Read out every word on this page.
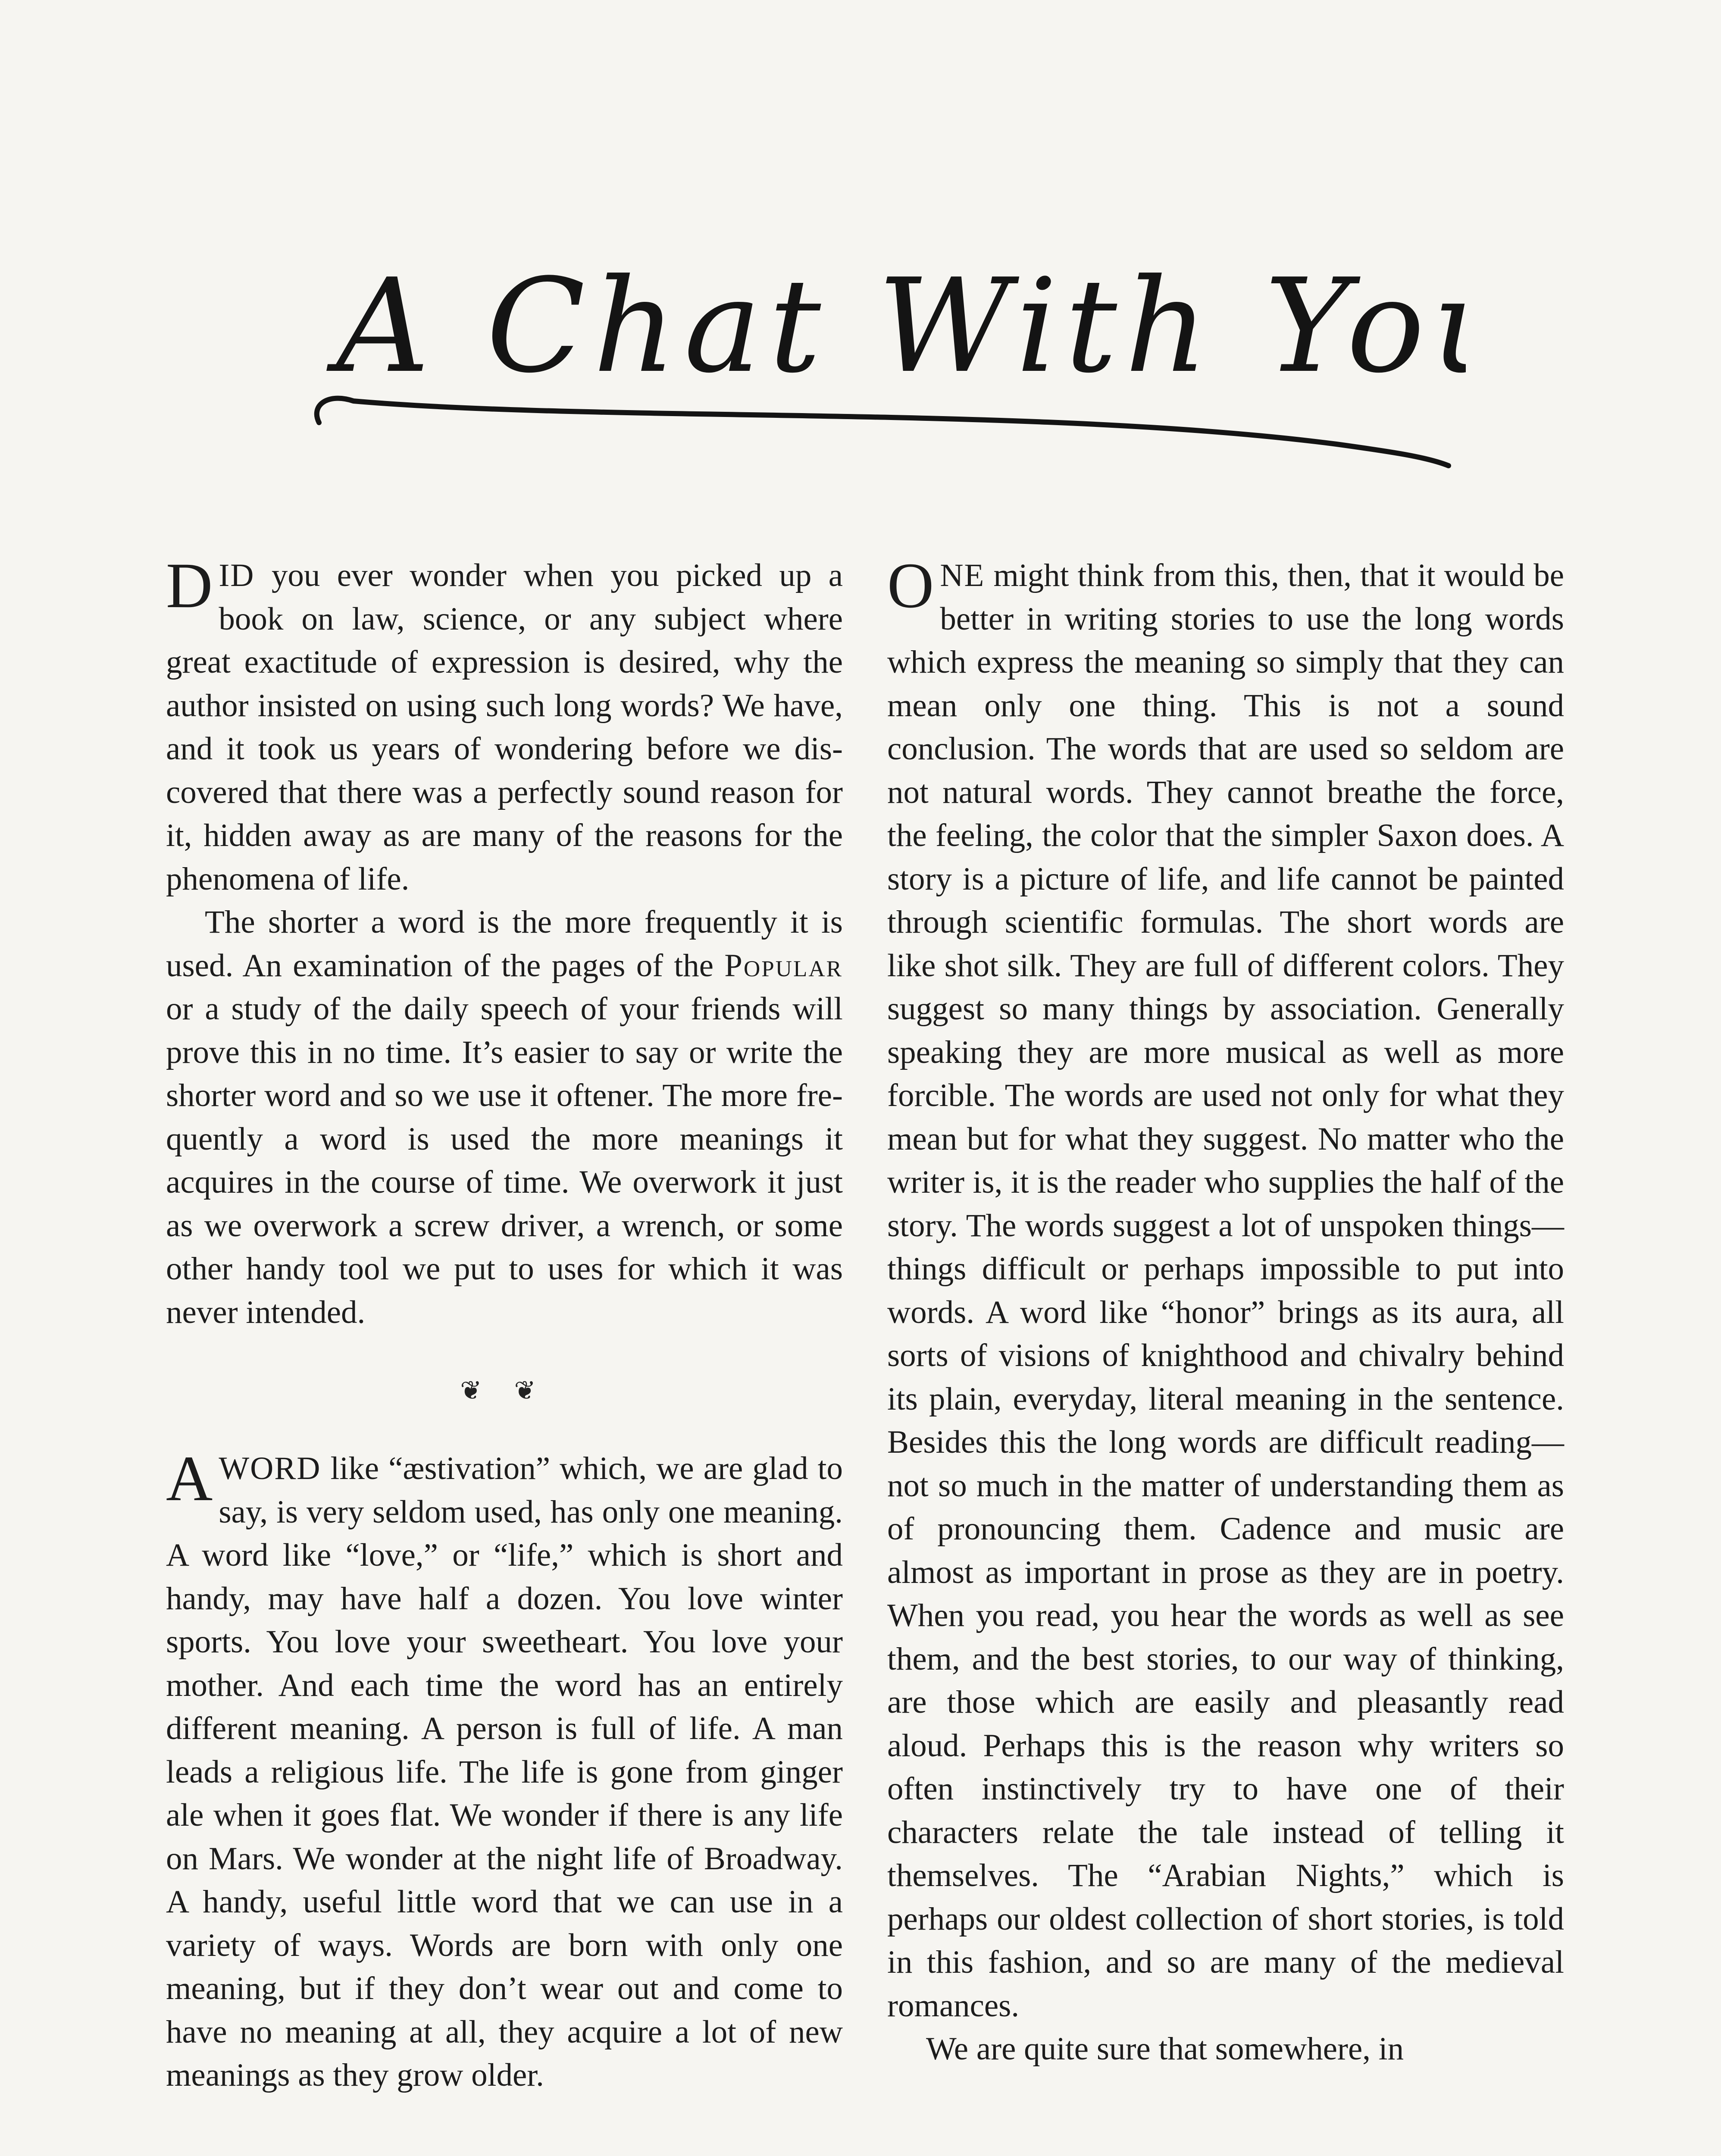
A Chat With You

DID you ever wonder when you picked up a book on law, science, or any subject where great exactitude of expression is desired, why the author insisted on using such long words? We have, and it took us years of wondering before we discovered that there was a perfectly sound reason for it, hidden away as are many of the reasons for the phenomena of life.

The shorter a word is the more frequently it is used. An examination of the pages of the Popular or a study of the daily speech of your friends will prove this in no time. It’s easier to say or write the shorter word and so we use it oftener. The more frequently a word is used the more meanings it acquires in the course of time. We overwork it just as we overwork a screw driver, a wrench, or some other handy tool we put to uses for which it was never intended.

❦ ❦

A WORD like “æstivation” which, we are glad to say, is very seldom used, has only one meaning. A word like “love,” or “life,” which is short and handy, may have half a dozen. You love winter sports. You love your sweetheart. You love your mother. And each time the word has an entirely different meaning. A person is full of life. A man leads a religious life. The life is gone from ginger ale when it goes flat. We wonder if there is any life on Mars. We wonder at the night life of Broadway. A handy, useful little word that we can use in a variety of ways. Words are born with only one meaning, but if they don’t wear out and come to have no meaning at all, they acquire a lot of new meanings as they grow older.

ONE might think from this, then, that it would be better in writing stories to use the long words which express the meaning so simply that they can mean only one thing. This is not a sound conclusion. The words that are used so seldom are not natural words. They cannot breathe the force, the feeling, the color that the simpler Saxon does. A story is a picture of life, and life cannot be painted through scientific formulas. The short words are like shot silk. They are full of different colors. They suggest so many things by association. Generally speaking they are more musical as well as more forcible. The words are used not only for what they mean but for what they suggest. No matter who the writer is, it is the reader who supplies the half of the story. The words suggest a lot of unspoken things—things difficult or perhaps impossible to put into words. A word like “honor” brings as its aura, all sorts of visions of knighthood and chivalry behind its plain, everyday, literal meaning in the sentence. Besides this the long words are difficult reading—not so much in the matter of understanding them as of pronouncing them. Cadence and music are almost as important in prose as they are in poetry. When you read, you hear the words as well as see them, and the best stories, to our way of thinking, are those which are easily and pleasantly read aloud. Perhaps this is the reason why writers so often instinctively try to have one of their characters relate the tale instead of telling it themselves. The “Arabian Nights,” which is perhaps our oldest collection of short stories, is told in this fashion, and so are many of the medieval romances.

We are quite sure that somewhere, in
